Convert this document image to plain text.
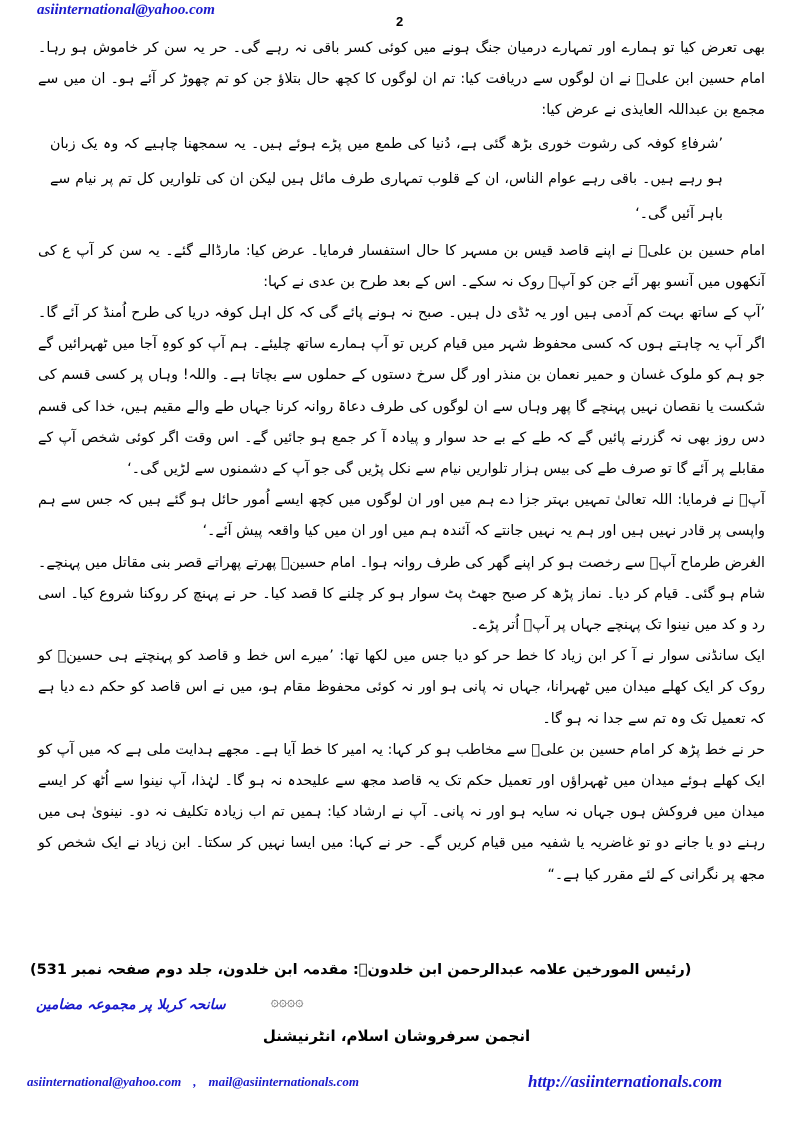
asiinternational@yahoo.com
2

بھی تعرض کیا تو ہمارے اور تمہارے درمیان جنگ ہونے میں کوئی کسر باقی نہ رہے گی۔ حر یہ سن کر خاموش ہو رہا۔ امام حسین ابن علیؑ نے ان لوگوں سے دریافت کیا: تم ان لوگوں کا کچھ حال بتلاؤ جن کو تم چھوڑ کر آئے ہو۔ ان میں سے مجمع بن عبداللہ العایذی نے عرض کیا:

’شرفاءِ کوفہ کی رشوت خوری بڑھ گئی ہے، دُنیا کی طمع میں پڑے ہوئے ہیں۔ یہ سمجھنا چاہیے کہ وہ یک زبان ہو رہے ہیں۔ باقی رہے عوام الناس، ان کے قلوب تمہاری طرف مائل ہیں لیکن ان کی تلواریں کل تم پر نیام سے باہر آئیں گی۔‘

امام حسین بن علیؑ نے اپنے قاصد قیس بن مسہر کا حال استفسار فرمایا۔ عرض کیا: مارڈالے گئے۔ یہ سن کر آپ ع کی آنکھوں میں آنسو بھر آئے جن کو آپؑ روک نہ سکے۔ اس کے بعد طرح بن عدی نے کہا:

’آپ کے ساتھ بہت کم آدمی ہیں اور یہ ٹڈی دل ہیں۔ صبح نہ ہونے پائے گی کہ کل اہل کوفہ دریا کی طرح اُمنڈ کر آئے گا۔ اگر آپ یہ چاہتے ہوں کہ کسی محفوظ شہر میں قیام کریں تو آپ ہمارے ساتھ چلیئے۔ ہم آپ کو کوہِ آجا میں ٹھہرائیں گے جو ہم کو ملوک غسان و حمیر نعمان بن منذر اور گل سرخ دستوں کے حملوں سے بچاتا ہے۔ واللہ! وہاں پر کسی قسم کی شکست یا نقصان نہیں پہنچے گا پھر وہاں سے ان لوگوں کی طرف دعاۃ روانہ کرنا جہاں طے والے مقیم ہیں، خدا کی قسم دس روز بھی نہ گزرنے پائیں گے کہ طے کے بے حد سوار و پیادہ آ کر جمع ہو جائیں گے۔ اس وقت اگر کوئی شخص آپ کے مقابلے پر آئے گا تو صرف طے کی بیس ہزار تلواریں نیام سے نکل پڑیں گی جو آپ کے دشمنوں سے لڑیں گی۔‘

آپؑ نے فرمایا: اللہ تعالیٰ تمہیں بہتر جزا دے ہم میں اور ان لوگوں میں کچھ ایسے اُمور حائل ہو گئے ہیں کہ جس سے ہم واپسی پر قادر نہیں ہیں اور ہم یہ نہیں جانتے کہ آئندہ ہم میں اور ان میں کیا واقعہ پیش آئے۔‘

الغرض طرماح آپؑ سے رخصت ہو کر اپنے گھر کی طرف روانہ ہوا۔ امام حسینؑ پھرتے پھراتے قصر بنی مقاتل میں پہنچے۔ شام ہو گئی۔ قیام کر دیا۔ نماز پڑھ کر صبح جھٹ پٹ سوار ہو کر چلنے کا قصد کیا۔ حر نے پہنچ کر روکنا شروع کیا۔ اسی رد و کد میں نینوا تک پہنچے جہاں پر آپؑ اُتر پڑے۔

ایک سانڈنی سوار نے آ کر ابن زیاد کا خط حر کو دیا جس میں لکھا تھا: ’میرے اس خط و قاصد کو پہنچتے ہی حسینؑ کو روک کر ایک کھلے میدان میں ٹھہرانا، جہاں نہ پانی ہو اور نہ کوئی محفوظ مقام ہو، میں نے اس قاصد کو حکم دے دیا ہے کہ تعمیل تک وہ تم سے جدا نہ ہو گا۔

حر نے خط پڑھ کر امام حسین بن علیؑ سے مخاطب ہو کر کہا: یہ امیر کا خط آیا ہے۔ مجھے ہدایت ملی ہے کہ میں آپ کو ایک کھلے ہوئے میدان میں ٹھہراؤں اور تعمیل حکم تک یہ قاصد مجھ سے علیحدہ نہ ہو گا۔ لہٰذا، آپ نینوا سے اُٹھ کر ایسے میدان میں فروکش ہوں جہاں نہ سایہ ہو اور نہ پانی۔ آپ نے ارشاد کیا: ہمیں تم اب زیادہ تکلیف نہ دو۔ نینویٰ ہی میں رہنے دو یا جانے دو تو غاضریہ یا شفیہ میں قیام کریں گے۔ حر نے کہا: میں ایسا نہیں کر سکتا۔ ابن زیاد نے ایک شخص کو مجھ پر نگرانی کے لئے مقرر کیا ہے۔“

(رئیس المورخین علامہ عبدالرحمن ابن خلدونؒ: مقدمہ ابن خلدون، جلد دوم صفحہ نمبر 531)
سانحہ کربلا پر مجموعہ مضامین	۞۞۞۞
انجمن سرفروشان اسلام، انٹرنیشنل
asiinternational@yahoo.com , mail@asiinternationals.com	http://asiinternationals.com
